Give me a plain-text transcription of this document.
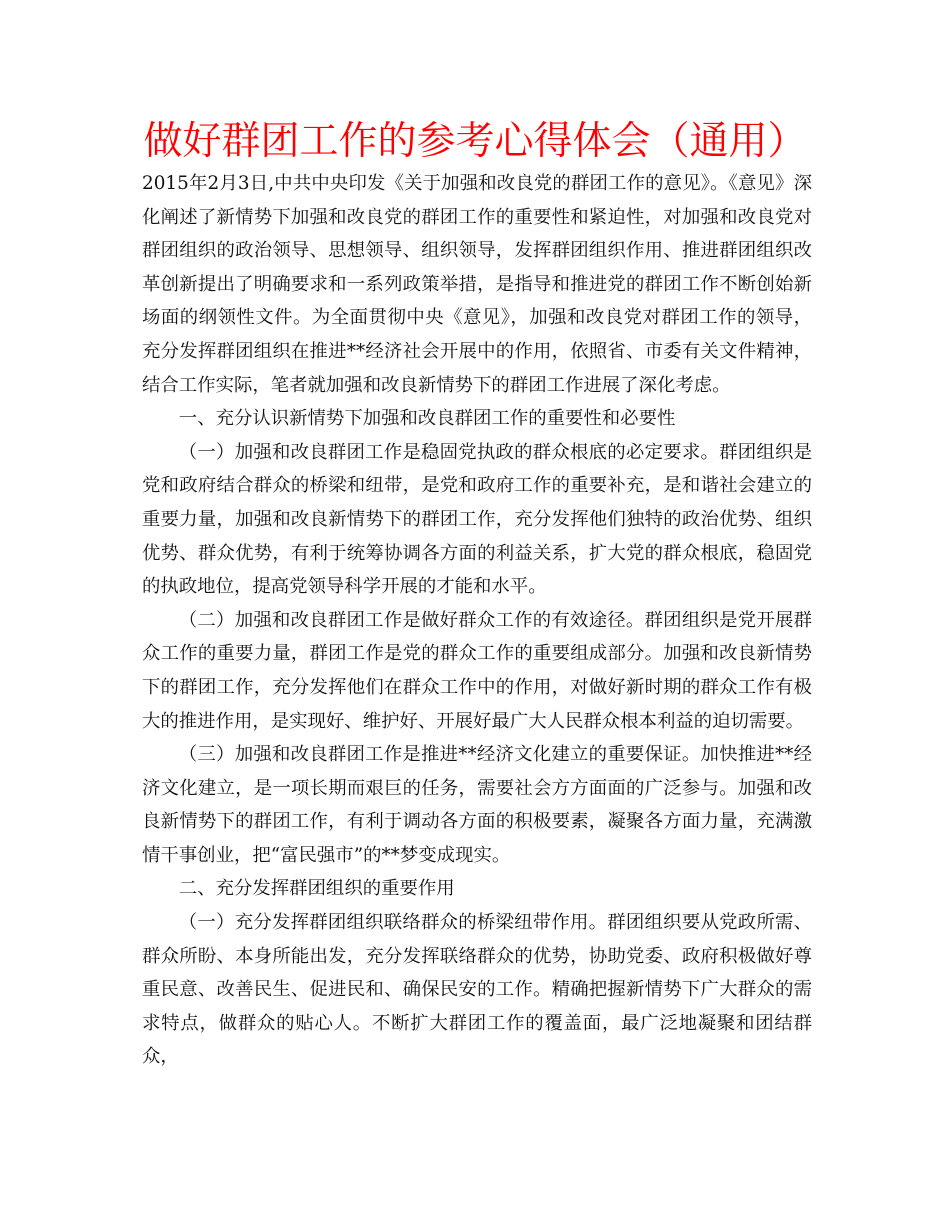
做好群团工作的参考心得体会（通用）

2015年2月3日,中共中央印发《关于加强和改良党的群团工作的意见》。《意见》深化阐述了新情势下加强和改良党的群团工作的重要性和紧迫性，对加强和改良党对群团组织的政治领导、思想领导、组织领导，发挥群团组织作用、推进群团组织改革创新提出了明确要求和一系列政策举措，是指导和推进党的群团工作不断创始新场面的纲领性文件。为全面贯彻中央《意见》，加强和改良党对群团工作的领导，充分发挥群团组织在推进**经济社会开展中的作用，依照省、市委有关文件精神，结合工作实际，笔者就加强和改良新情势下的群团工作进展了深化考虑。

一、充分认识新情势下加强和改良群团工作的重要性和必要性

（一）加强和改良群团工作是稳固党执政的群众根底的必定要求。群团组织是党和政府结合群众的桥梁和纽带，是党和政府工作的重要补充，是和谐社会建立的重要力量，加强和改良新情势下的群团工作，充分发挥他们独特的政治优势、组织优势、群众优势，有利于统筹协调各方面的利益关系，扩大党的群众根底，稳固党的执政地位，提高党领导科学开展的才能和水平。

（二）加强和改良群团工作是做好群众工作的有效途径。群团组织是党开展群众工作的重要力量，群团工作是党的群众工作的重要组成部分。加强和改良新情势下的群团工作，充分发挥他们在群众工作中的作用，对做好新时期的群众工作有极大的推进作用，是实现好、维护好、开展好最广大人民群众根本利益的迫切需要。

（三）加强和改良群团工作是推进**经济文化建立的重要保证。加快推进**经济文化建立，是一项长期而艰巨的任务，需要社会方方面面的广泛参与。加强和改良新情势下的群团工作，有利于调动各方面的积极要素，凝聚各方面力量，充满激情干事创业，把“富民强市”的**梦变成现实。

二、充分发挥群团组织的重要作用

（一）充分发挥群团组织联络群众的桥梁纽带作用。群团组织要从党政所需、群众所盼、本身所能出发，充分发挥联络群众的优势，协助党委、政府积极做好尊重民意、改善民生、促进民和、确保民安的工作。精确把握新情势下广大群众的需求特点，做群众的贴心人。不断扩大群团工作的覆盖面，最广泛地凝聚和团结群众，
